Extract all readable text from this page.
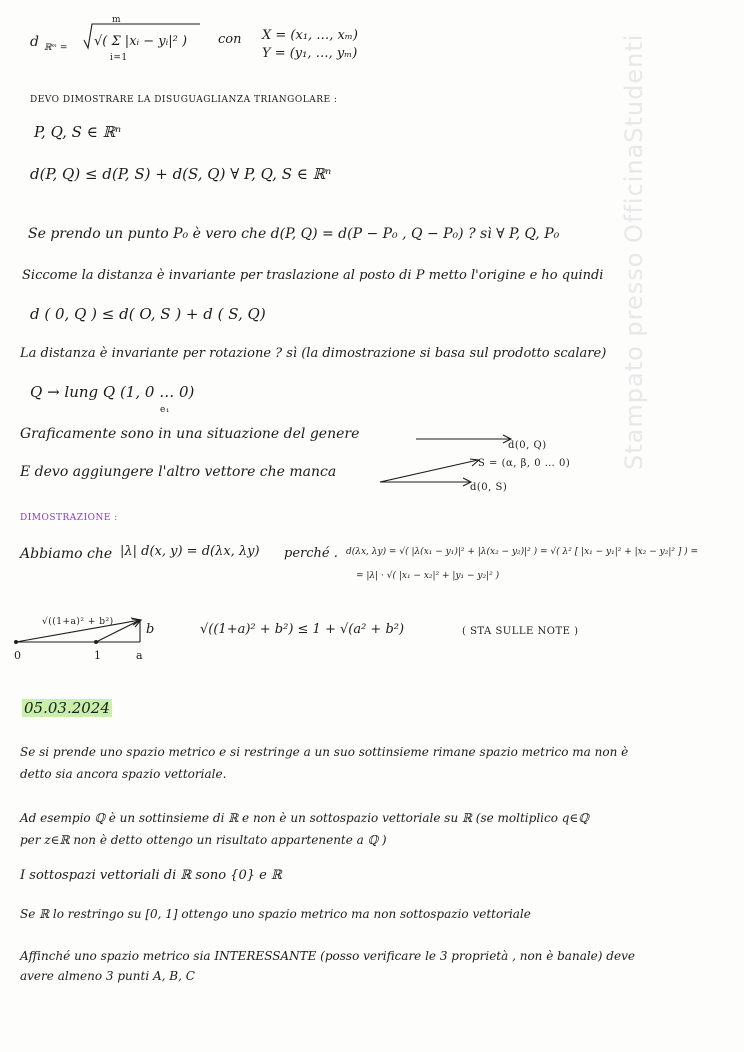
Stampato presso OfficinaStudenti
d ℝᵐ = √( Σ |xᵢ − yᵢ|² )
m
i=1
con X = (x₁, …, xₘ)
Y = (y₁, …, yₘ)
DEVO DIMOSTRARE LA DISUGUAGLIANZA TRIANGOLARE :
P, Q, S ∈ ℝⁿ
d(P, Q) ≤ d(P, S) + d(S, Q) ∀ P, Q, S ∈ ℝⁿ
Se prendo un punto P₀ è vero che d(P, Q) = d(P − P₀ , Q − P₀) ? sì ∀ P, Q, P₀
Siccome la distanza è invariante per traslazione al posto di P metto l'origine e ho quindi
d ( 0, Q ) ≤ d( O, S ) + d ( S, Q)
La distanza è invariante per rotazione ? sì (la dimostrazione si basa sul prodotto scalare)
Q → lung Q (1, 0 … 0)
e₁
Graficamente sono in una situazione del genere
d(0, Q)
E devo aggiungere l'altro vettore che manca
S = (α, β, 0 … 0)
d(0, S)
DIMOSTRAZIONE :
Abbiamo che |λ| d(x, y) = d(λx, λy) perché . d(λx, λy) = √( |λ(x₁ − y₁)|² + |λ(x₂ − y₂)|² ) = √( λ² [ |x₁ − y₁|² + |x₂ − y₂|² ] ) =
= |λ| · √( |x₁ − x₂|² + |y₁ − y₂|² )
√((1+a)² + b²) b
0	1	a
√((1+a)² + b²) ≤ 1 + √(a² + b²)	( STA SULLE NOTE )
05.03.2024
Se si prende uno spazio metrico e si restringe a un suo sottinsieme rimane spazio metrico ma non è
detto sia ancora spazio vettoriale.
Ad esempio ℚ è un sottinsieme di ℝ e non è un sottospazio vettoriale su ℝ (se moltiplico q∈ℚ
per z∈ℝ non è detto ottengo un risultato appartenente a ℚ )
I sottospazi vettoriali di ℝ sono {0} e ℝ
Se ℝ lo restringo su [0, 1] ottengo uno spazio metrico ma non sottospazio vettoriale
Affinché uno spazio metrico sia INTERESSANTE (posso verificare le 3 proprietà , non è banale) deve
avere almeno 3 punti A, B, C
